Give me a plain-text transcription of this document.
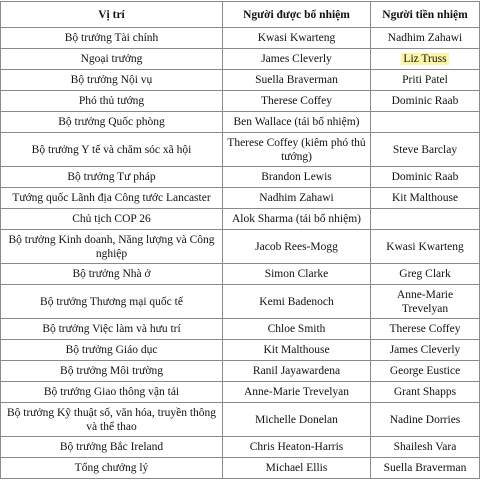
Vị trí	Người được bổ nhiệm	Người tiền nhiệm
Bộ trưởng Tài chính	Kwasi Kwarteng	Nadhim Zahawi
Ngoại trưởng	James Cleverly	Liz Truss
Bộ trưởng Nội vụ	Suella Braverman	Priti Patel
Phó thủ tướng	Therese Coffey	Dominic Raab
Bộ trưởng Quốc phòng	Ben Wallace (tái bổ nhiệm)	
Bộ trưởng Y tế và chăm sóc xã hội	Therese Coffey (kiêm phó thủ tướng)	Steve Barclay
Bộ trưởng Tư pháp	Brandon Lewis	Dominic Raab
Tướng quốc Lãnh địa Công tước Lancaster	Nadhim Zahawi	Kit Malthouse
Chủ tịch COP 26	Alok Sharma (tái bổ nhiệm)	
Bộ trưởng Kinh doanh, Năng lượng và Công nghiệp	Jacob Rees-Mogg	Kwasi Kwarteng
Bộ trưởng Nhà ở	Simon Clarke	Greg Clark
Bộ trưởng Thương mại quốc tế	Kemi Badenoch	Anne-Marie Trevelyan
Bộ trưởng Việc làm và hưu trí	Chloe Smith	Therese Coffey
Bộ trưởng Giáo dục	Kit Malthouse	James Cleverly
Bộ trưởng Môi trường	Ranil Jayawardena	George Eustice
Bộ trưởng Giao thông vận tải	Anne-Marie Trevelyan	Grant Shapps
Bộ trưởng Kỹ thuật số, văn hóa, truyền thông và thể thao	Michelle Donelan	Nadine Dorries
Bộ trưởng Bắc Ireland	Chris Heaton-Harris	Shailesh Vara
Tổng chưởng lý	Michael Ellis	Suella Braverman
